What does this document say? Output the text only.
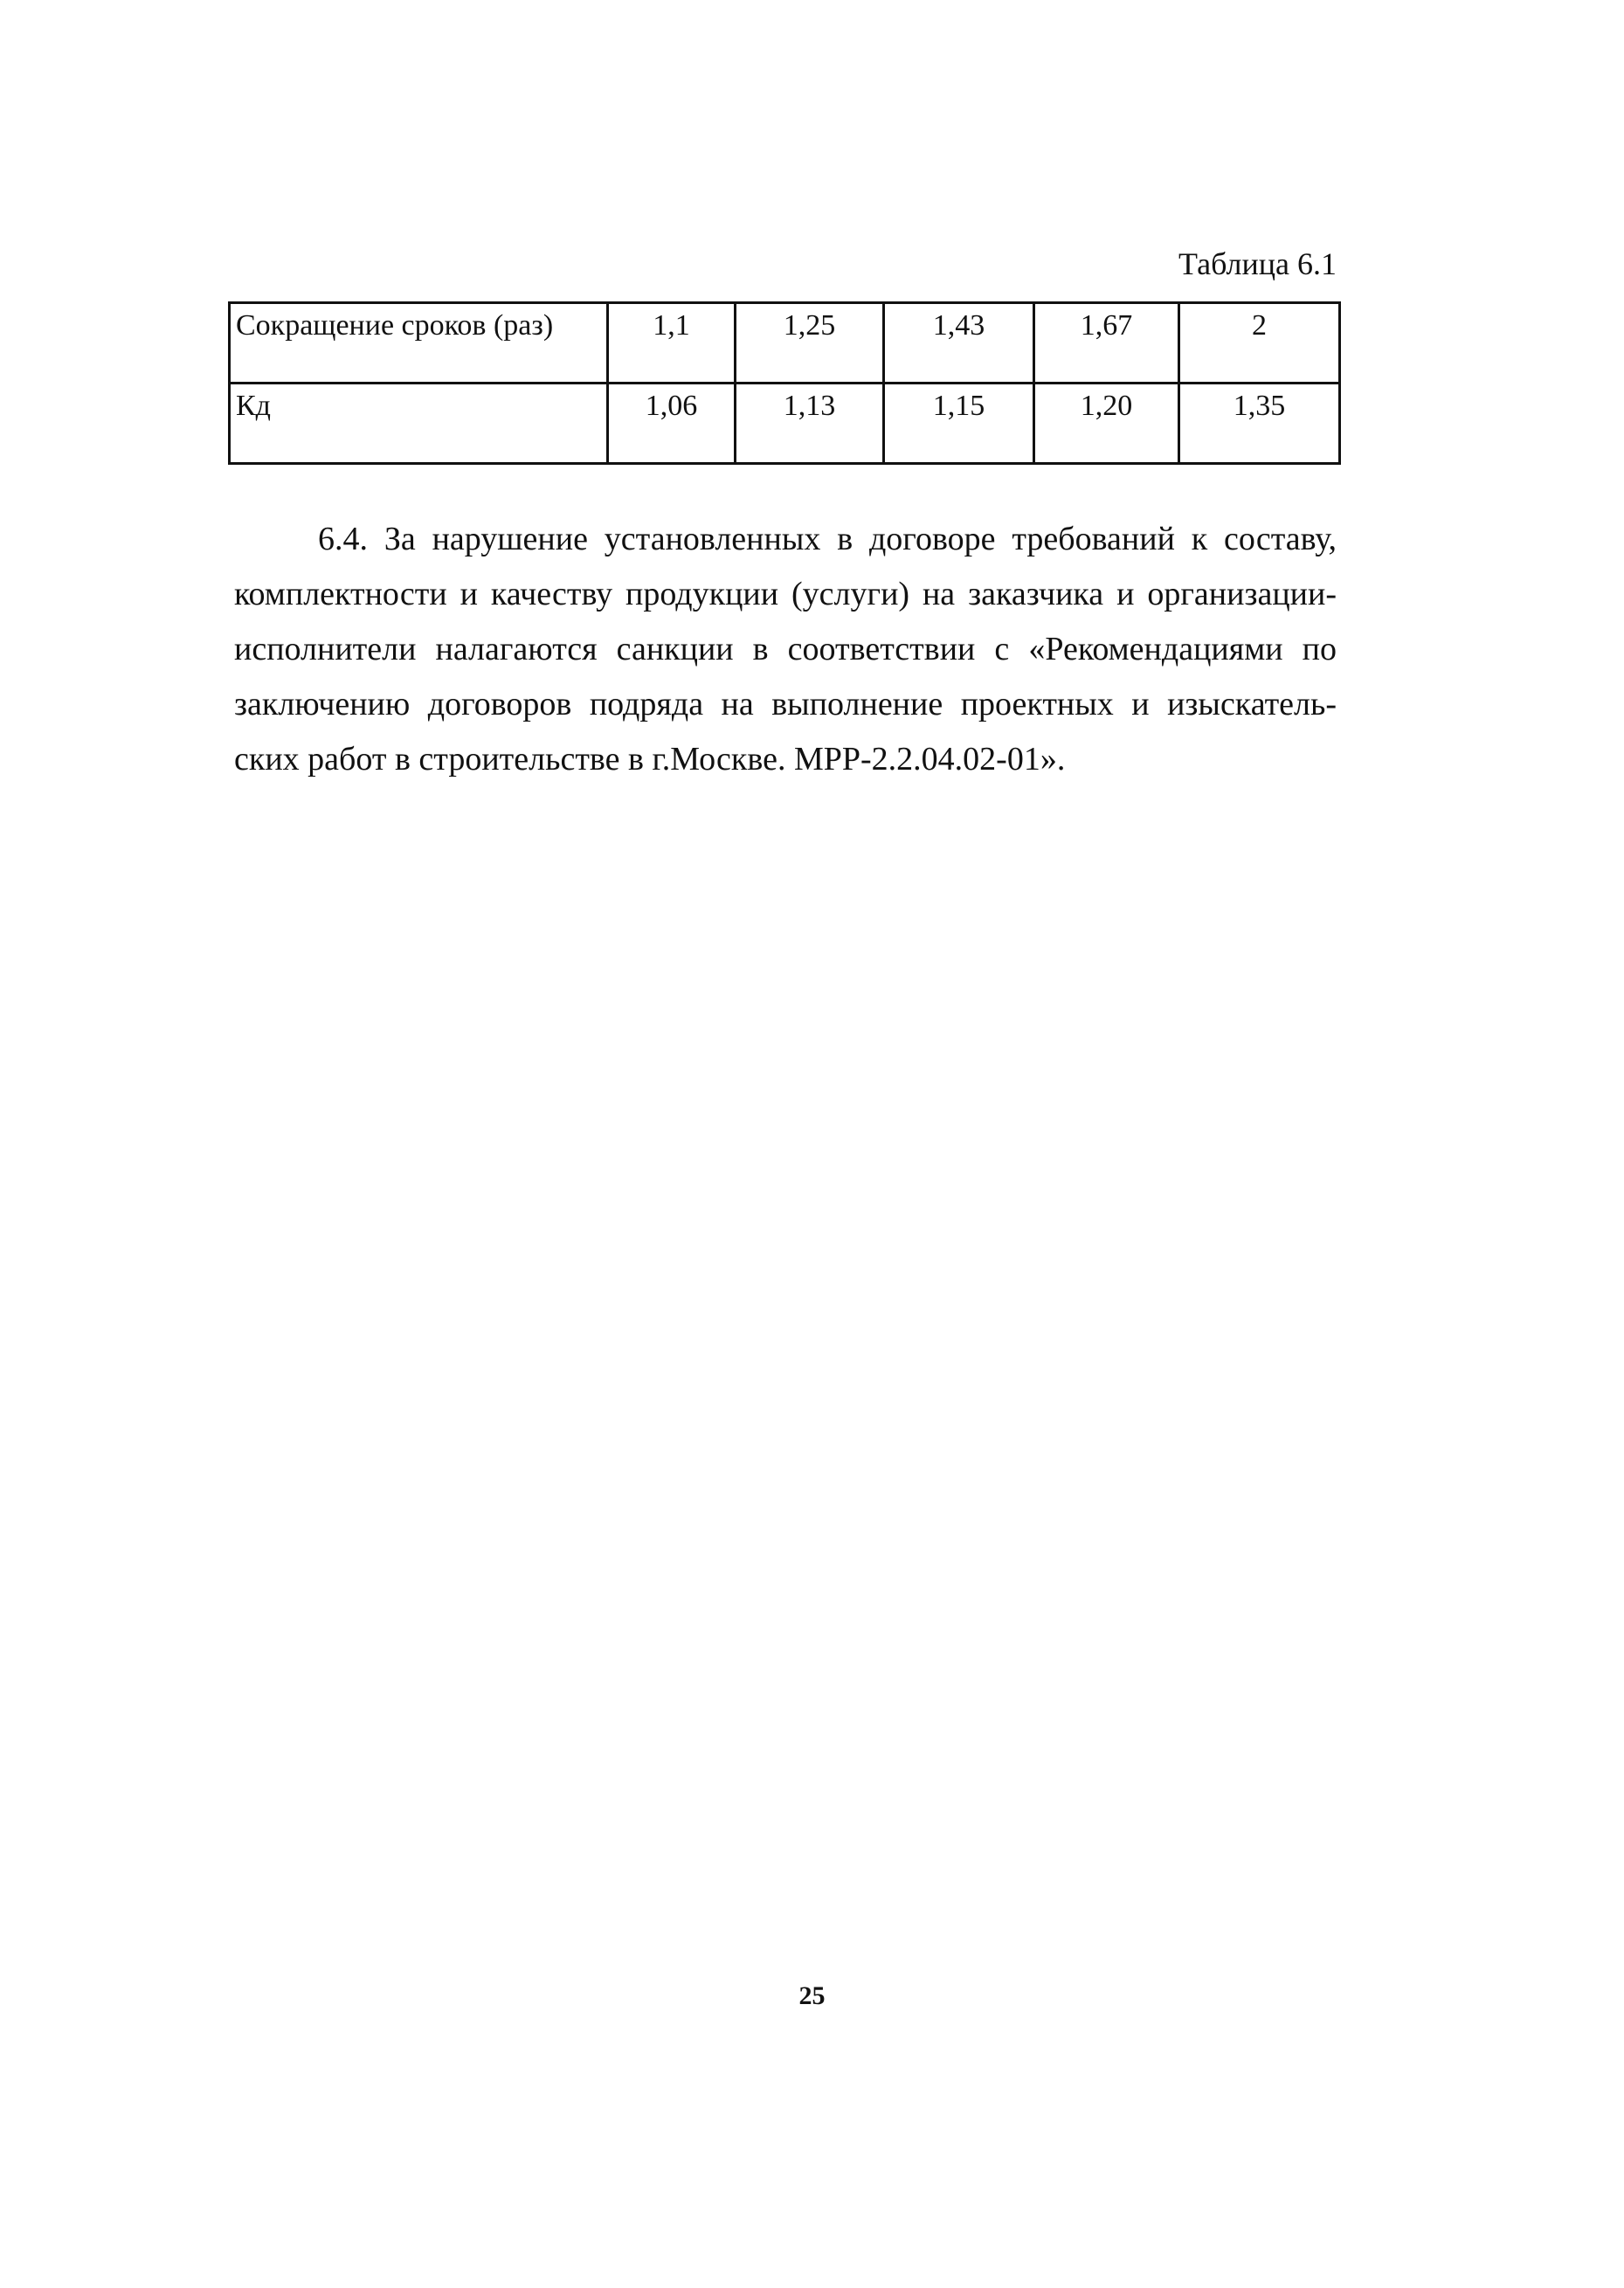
Таблица 6.1
Сокращение сроков (раз)	1,1	1,25	1,43	1,67	2
Кд	1,06	1,13	1,15	1,20	1,35

6.4. За нарушение установленных в договоре требований к составу,
комплектности и качеству продукции (услуги) на заказчика и организации-
исполнители налагаются санкции в соответствии с «Рекомендациями по
заключению договоров подряда на выполнение проектных и изыскатель-
ских работ в строительстве в г.Москве. МРР-2.2.04.02-01».

25
